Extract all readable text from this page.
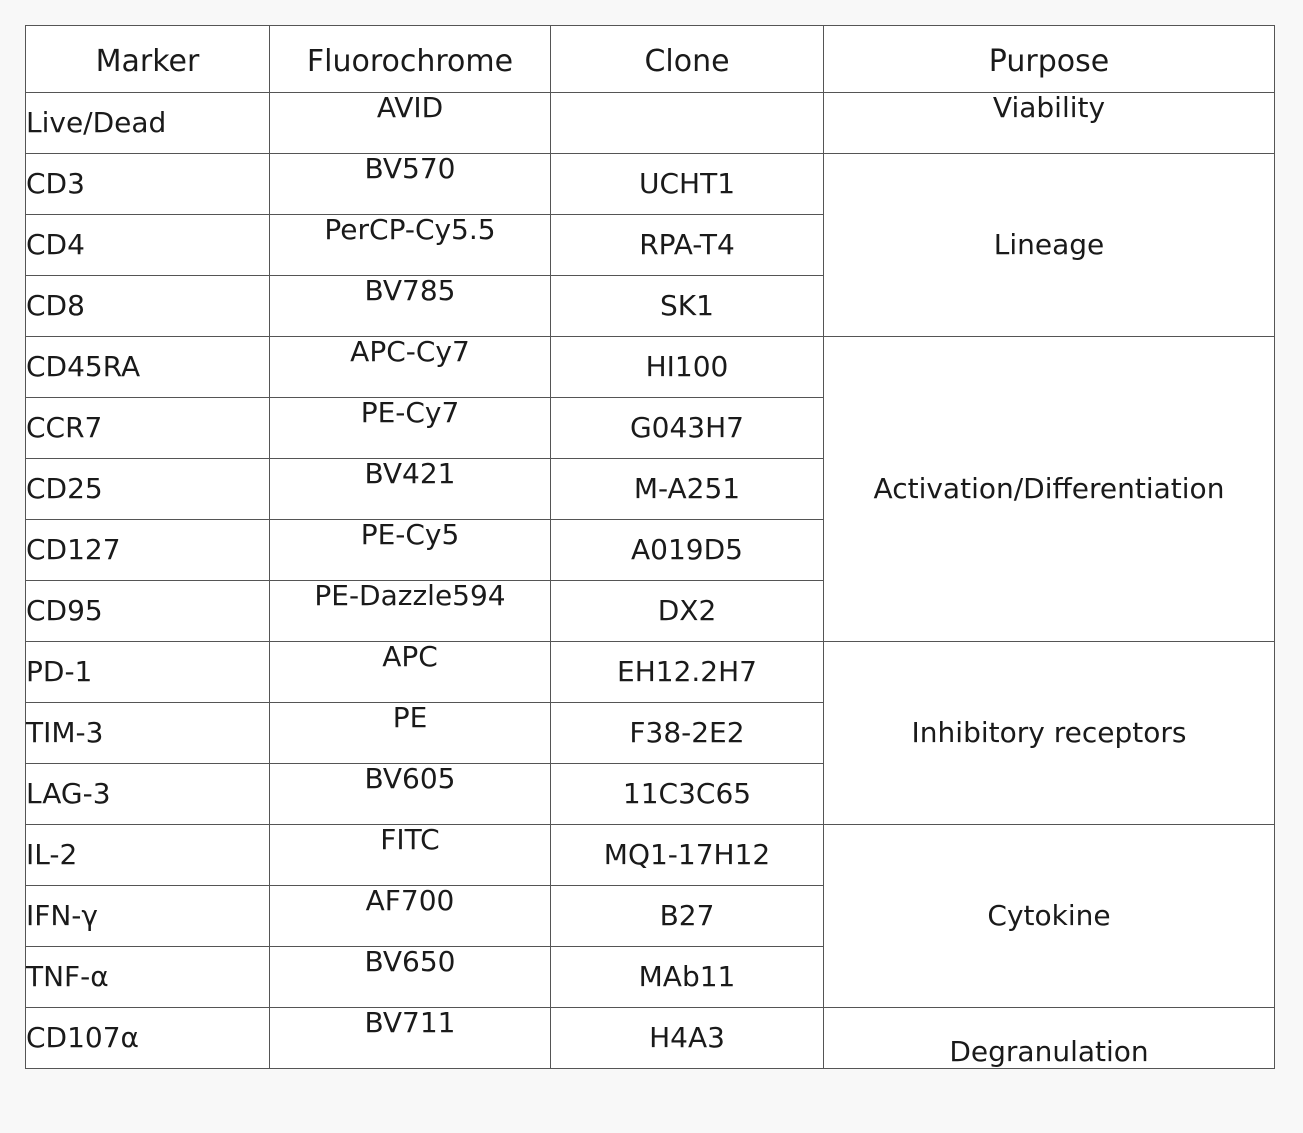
Marker	Fluorochrome	Clone	Purpose
Live/Dead	AVID		Viability
CD3	BV570	UCHT1	Lineage
CD4	PerCP-Cy5.5	RPA-T4	
CD8	BV785	SK1	
CD45RA	APC-Cy7	HI100	Activation/Differentiation
CCR7	PE-Cy7	G043H7	
CD25	BV421	M-A251	
CD127	PE-Cy5	A019D5	
CD95	PE-Dazzle594	DX2	
PD-1	APC	EH12.2H7	Inhibitory receptors
TIM-3	PE	F38-2E2	
LAG-3	BV605	11C3C65	
IL-2	FITC	MQ1-17H12	Cytokine
IFN-γ	AF700	B27	
TNF-α	BV650	MAb11	
CD107α	BV711	H4A3	Degranulation
